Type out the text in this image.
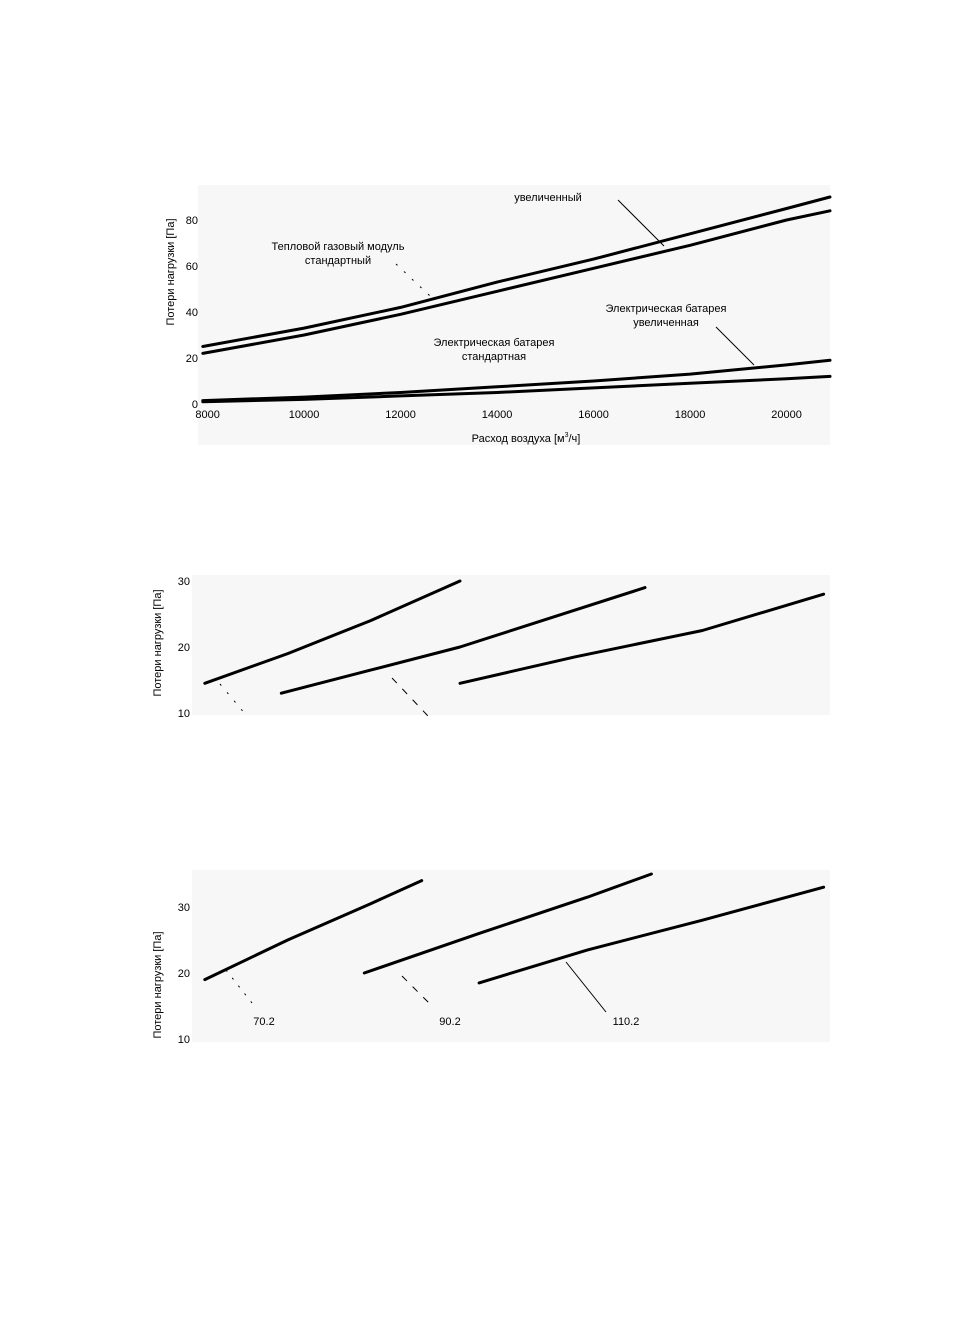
8000	10000	12000	14000	16000	18000	20000
0
20
40
60
80
Потери нагрузки [Па]
Расход воздуха $[м^3/ч]$
увеличенный
Тепловой газовый модуль
стандартный
Электрическая батарея
увеличенная
Электрическая батарея
стандартная
10
20
30
Потери нагрузки [Па]
10
20
30
Потери нагрузки [Па]	70.2	90.2	110.2
